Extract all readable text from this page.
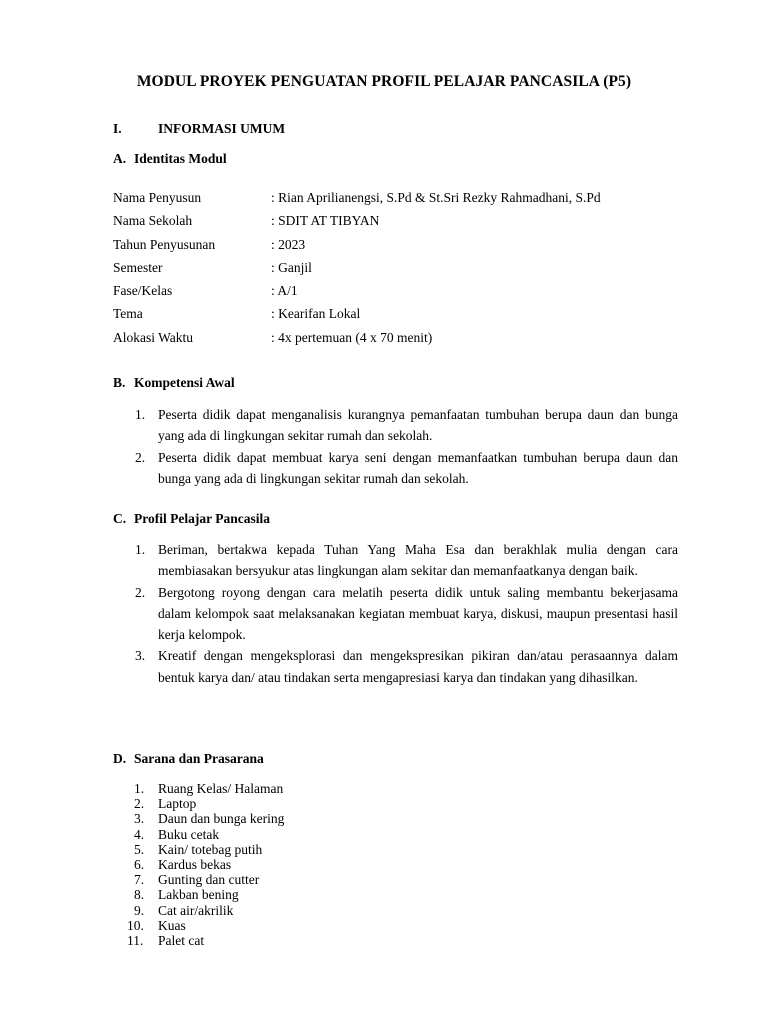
MODUL PROYEK PENGUATAN PROFIL PELAJAR PANCASILA (P5)
I.	INFORMASI UMUM
A. Identitas Modul
Nama Penyusun	: Rian Aprilianengsi, S.Pd & St.Sri Rezky Rahmadhani, S.Pd
Nama Sekolah	: SDIT AT TIBYAN
Tahun Penyusunan	: 2023
Semester	: Ganjil
Fase/Kelas	: A/1
Tema	: Kearifan Lokal
Alokasi Waktu	: 4x pertemuan (4 x 70 menit)
B. Kompetensi Awal
1. Peserta didik dapat menganalisis kurangnya pemanfaatan tumbuhan berupa daun dan bunga yang ada di lingkungan sekitar rumah dan sekolah.
2. Peserta didik dapat membuat karya seni dengan memanfaatkan tumbuhan berupa daun dan bunga yang ada di lingkungan sekitar rumah dan sekolah.
C. Profil Pelajar Pancasila
1. Beriman, bertakwa kepada Tuhan Yang Maha Esa dan berakhlak mulia dengan cara membiasakan bersyukur atas lingkungan alam sekitar dan memanfaatkanya dengan baik.
2. Bergotong royong dengan cara melatih peserta didik untuk saling membantu bekerjasama dalam kelompok saat melaksanakan kegiatan membuat karya, diskusi, maupun presentasi hasil kerja kelompok.
3. Kreatif dengan mengeksplorasi dan mengekspresikan pikiran dan/atau perasaannya dalam bentuk karya dan/ atau tindakan serta mengapresiasi karya dan tindakan yang dihasilkan.
D. Sarana dan Prasarana
1. Ruang Kelas/ Halaman
2. Laptop
3. Daun dan bunga kering
4. Buku cetak
5. Kain/ totebag putih
6. Kardus bekas
7. Gunting dan cutter
8. Lakban bening
9. Cat air/akrilik
10. Kuas
11. Palet cat
